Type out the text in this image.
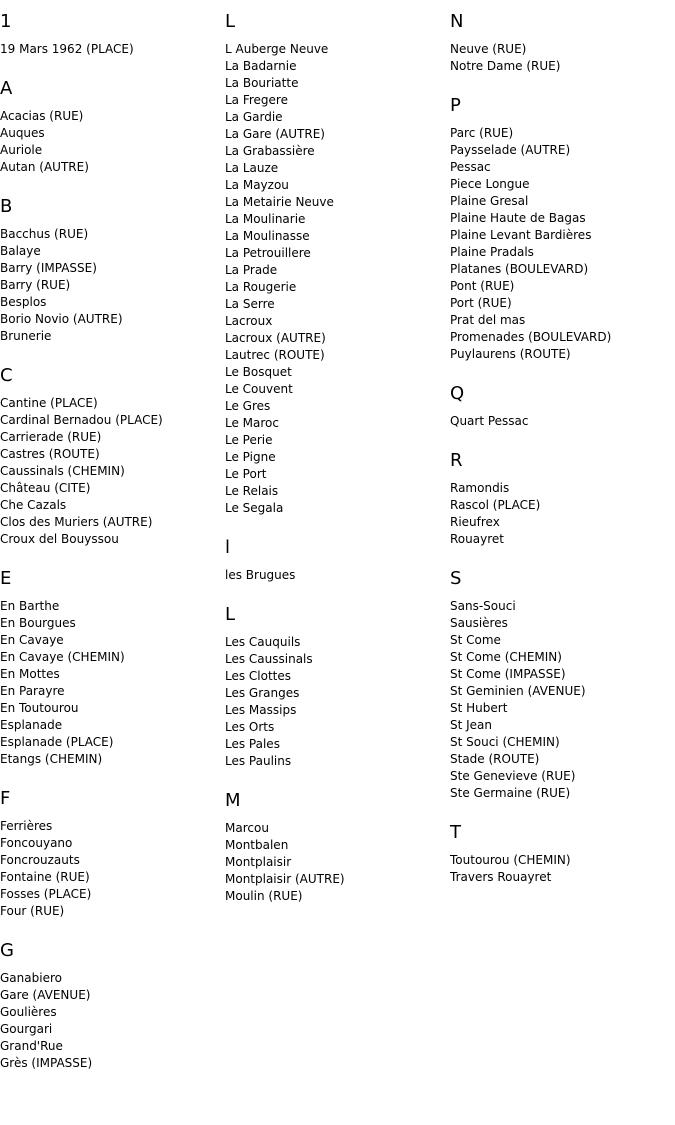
1
19 Mars 1962 (PLACE)
A
Acacias (RUE)
Auques
Auriole
Autan (AUTRE)
B
Bacchus (RUE)
Balaye
Barry (IMPASSE)
Barry (RUE)
Besplos
Borio Novio (AUTRE)
Brunerie
C
Cantine (PLACE)
Cardinal Bernadou (PLACE)
Carrierade (RUE)
Castres (ROUTE)
Caussinals (CHEMIN)
Château (CITE)
Che Cazals
Clos des Muriers (AUTRE)
Croux del Bouyssou
E
En Barthe
En Bourgues
En Cavaye
En Cavaye (CHEMIN)
En Mottes
En Parayre
En Toutourou
Esplanade
Esplanade (PLACE)
Etangs (CHEMIN)
F
Ferrières
Foncouyano
Foncrouzauts
Fontaine (RUE)
Fosses (PLACE)
Four (RUE)
G
Ganabiero
Gare (AVENUE)
Goulières
Gourgari
Grand'Rue
Grès (IMPASSE)
L
L Auberge Neuve
La Badarnie
La Bouriatte
La Fregere
La Gardie
La Gare (AUTRE)
La Grabassière
La Lauze
La Mayzou
La Metairie Neuve
La Moulinarie
La Moulinasse
La Petrouillere
La Prade
La Rougerie
La Serre
Lacroux
Lacroux (AUTRE)
Lautrec (ROUTE)
Le Bosquet
Le Couvent
Le Gres
Le Maroc
Le Perie
Le Pigne
Le Port
Le Relais
Le Segala
l
les Brugues
L
Les Cauquils
Les Caussinals
Les Clottes
Les Granges
Les Massips
Les Orts
Les Pales
Les Paulins
M
Marcou
Montbalen
Montplaisir
Montplaisir (AUTRE)
Moulin (RUE)
N
Neuve (RUE)
Notre Dame (RUE)
P
Parc (RUE)
Paysselade (AUTRE)
Pessac
Piece Longue
Plaine Gresal
Plaine Haute de Bagas
Plaine Levant Bardières
Plaine Pradals
Platanes (BOULEVARD)
Pont (RUE)
Port (RUE)
Prat del mas
Promenades (BOULEVARD)
Puylaurens (ROUTE)
Q
Quart Pessac
R
Ramondis
Rascol (PLACE)
Rieufrex
Rouayret
S
Sans-Souci
Sausières
St Come
St Come (CHEMIN)
St Come (IMPASSE)
St Geminien (AVENUE)
St Hubert
St Jean
St Souci (CHEMIN)
Stade (ROUTE)
Ste Genevieve (RUE)
Ste Germaine (RUE)
T
Toutourou (CHEMIN)
Travers Rouayret
